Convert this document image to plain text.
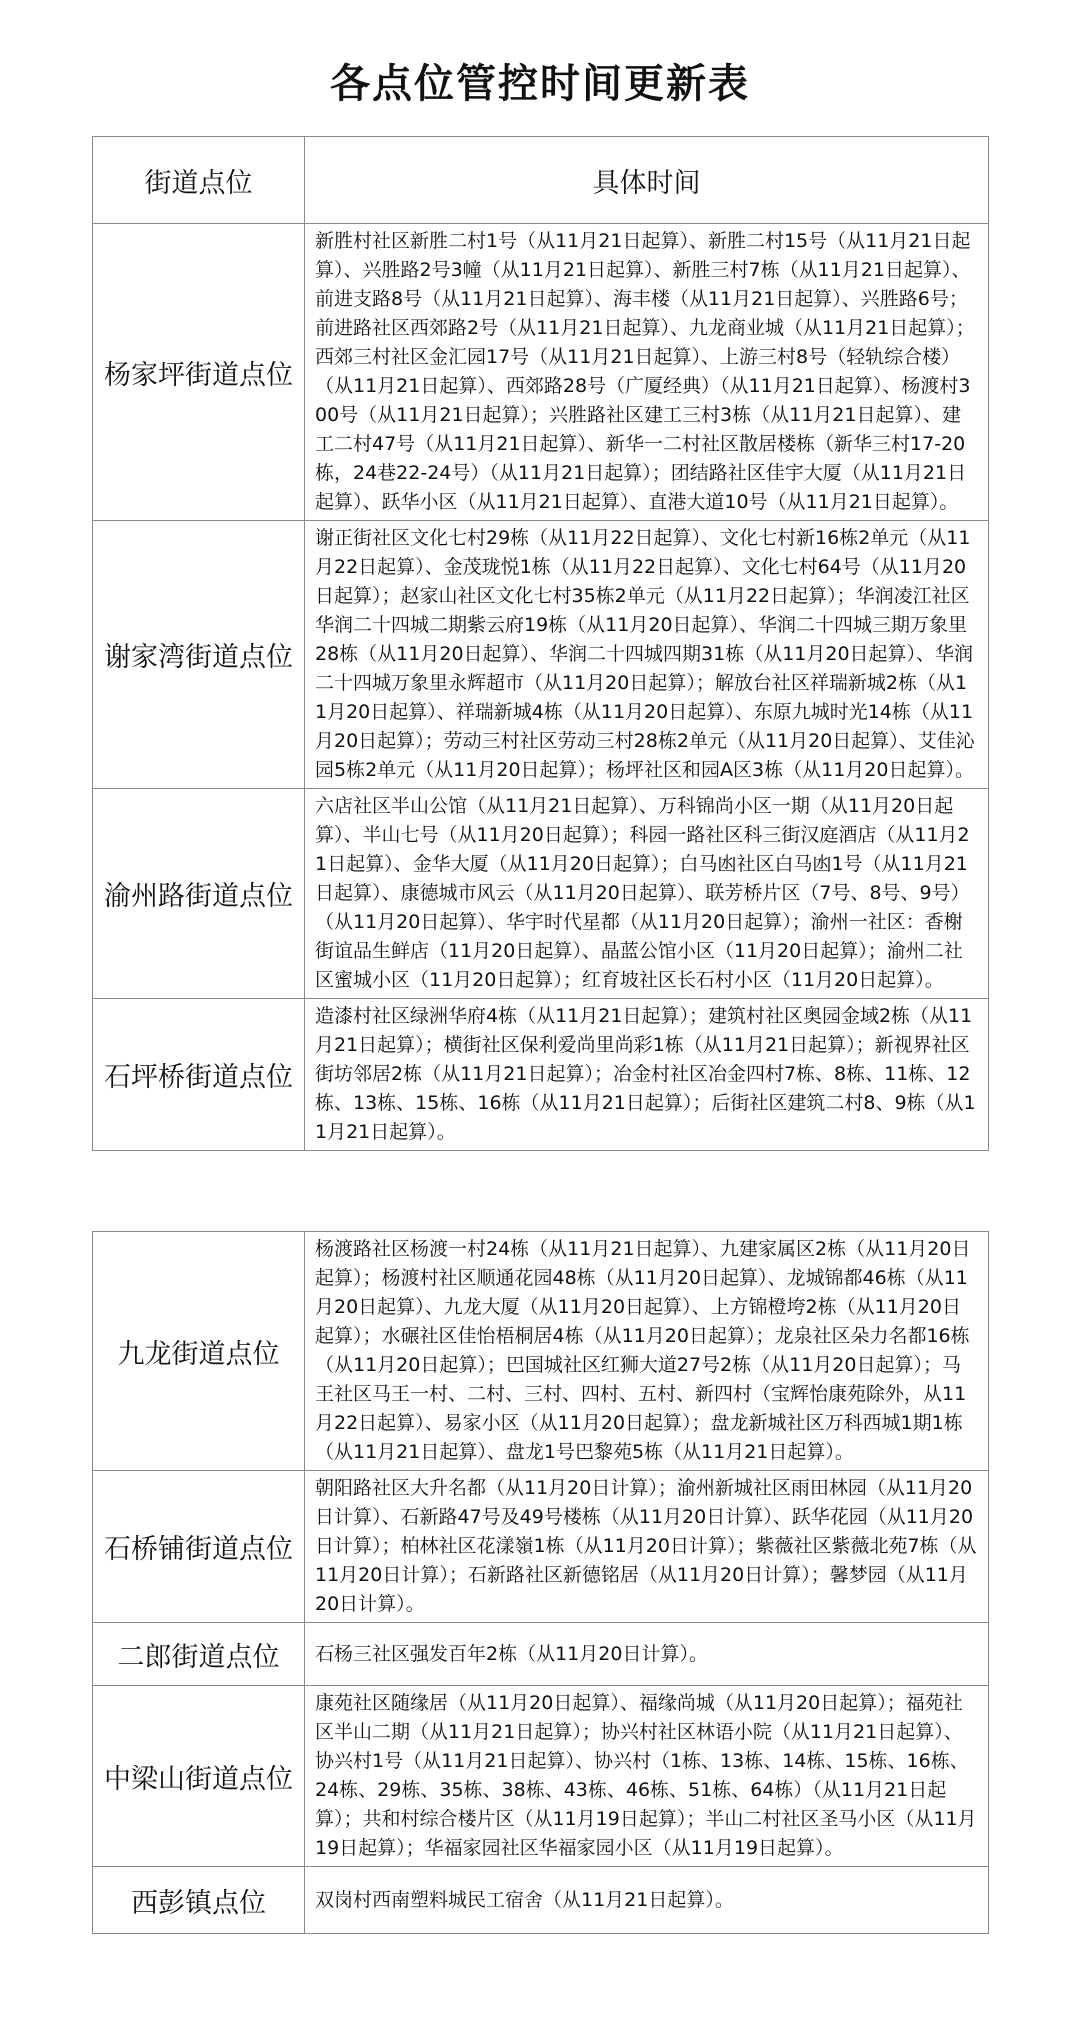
各点位管控时间更新表
街道点位	具体时间
杨家坪街道点位	新胜村社区新胜二村1号（从11月21日起算）、新胜二村15号（从11月21日起算）、兴胜路2号3幢（从11月21日起算）、新胜三村7栋（从11月21日起算）、前进支路8号（从11月21日起算）、海丰楼（从11月21日起算）、兴胜路6号；前进路社区西郊路2号（从11月21日起算）、九龙商业城（从11月21日起算）；西郊三村社区金汇园17号（从11月21日起算）、上游三村8号（轻轨综合楼）（从11月21日起算）、西郊路28号（广厦经典）（从11月21日起算）、杨渡村300号（从11月21日起算）；兴胜路社区建工三村3栋（从11月21日起算）、建工二村47号（从11月21日起算）、新华一二村社区散居楼栋（新华三村17-20栋，24巷22-24号）（从11月21日起算）；团结路社区佳宇大厦（从11月21日起算）、跃华小区（从11月21日起算）、直港大道10号（从11月21日起算）。
谢家湾街道点位	谢正街社区文化七村29栋（从11月22日起算）、文化七村新16栋2单元（从11月22日起算）、金茂珑悦1栋（从11月22日起算）、文化七村64号（从11月20日起算）；赵家山社区文化七村35栋2单元（从11月22日起算）；华润凌江社区华润二十四城二期紫云府19栋（从11月20日起算）、华润二十四城三期万象里28栋（从11月20日起算）、华润二十四城四期31栋（从11月20日起算）、华润二十四城万象里永辉超市（从11月20日起算）；解放台社区祥瑞新城2栋（从11月20日起算）、祥瑞新城4栋（从11月20日起算）、东原九城时光14栋（从11月20日起算）；劳动三村社区劳动三村28栋2单元（从11月20日起算）、艾佳沁园5栋2单元（从11月20日起算）；杨坪社区和园A区3栋（从11月20日起算）。
渝州路街道点位	六店社区半山公馆（从11月21日起算）、万科锦尚小区一期（从11月20日起算）、半山七号（从11月20日起算）；科园一路社区科三街汉庭酒店（从11月21日起算）、金华大厦（从11月20日起算）；白马凼社区白马凼1号（从11月21日起算）、康德城市风云（从11月20日起算）、联芳桥片区（7号、8号、9号）（从11月20日起算）、华宇时代星都（从11月20日起算）；渝州一社区：香榭街谊品生鲜店（11月20日起算）、晶蓝公馆小区（11月20日起算）；渝州二社区蜜城小区（11月20日起算）；红育坡社区长石村小区（11月20日起算）。
石坪桥街道点位	造漆村社区绿洲华府4栋（从11月21日起算）；建筑村社区奥园金域2栋（从11月21日起算）；横街社区保利爱尚里尚彩1栋（从11月21日起算）；新视界社区街坊邻居2栋（从11月21日起算）；冶金村社区冶金四村7栋、8栋、11栋、12栋、13栋、15栋、16栋（从11月21日起算）；后街社区建筑二村8、9栋（从11月21日起算）。
九龙街道点位	杨渡路社区杨渡一村24栋（从11月21日起算）、九建家属区2栋（从11月20日起算）；杨渡村社区顺通花园48栋（从11月20日起算）、龙城锦都46栋（从11月20日起算）、九龙大厦（从11月20日起算）、上方锦橙垮2栋（从11月20日起算）；水碾社区佳怡梧桐居4栋（从11月20日起算）；龙泉社区朵力名都16栋（从11月20日起算）；巴国城社区红狮大道27号2栋（从11月20日起算）；马王社区马王一村、二村、三村、四村、五村、新四村（宝辉怡康苑除外，从11月22日起算）、易家小区（从11月20日起算）；盘龙新城社区万科西城1期1栋（从11月21日起算）、盘龙1号巴黎苑5栋（从11月21日起算）。
石桥铺街道点位	朝阳路社区大升名都（从11月20日计算）；渝州新城社区雨田林园（从11月20日计算）、石新路47号及49号楼栋（从11月20日计算）、跃华花园（从11月20日计算）；柏林社区花漾嶺1栋（从11月20日计算）；紫薇社区紫薇北苑7栋（从11月20日计算）；石新路社区新德铭居（从11月20日计算）；馨梦园（从11月20日计算）。
二郎街道点位	石杨三社区强发百年2栋（从11月20日计算）。
中梁山街道点位	康苑社区随缘居（从11月20日起算）、福缘尚城（从11月20日起算）；福苑社区半山二期（从11月21日起算）；协兴村社区林语小院（从11月21日起算）、协兴村1号（从11月21日起算）、协兴村（1栋、13栋、14栋、15栋、16栋、24栋、29栋、35栋、38栋、43栋、46栋、51栋、64栋）（从11月21日起算）；共和村综合楼片区（从11月19日起算）；半山二村社区圣马小区（从11月19日起算）；华福家园社区华福家园小区（从11月19日起算）。
西彭镇点位	双岗村西南塑料城民工宿舍（从11月21日起算）。
